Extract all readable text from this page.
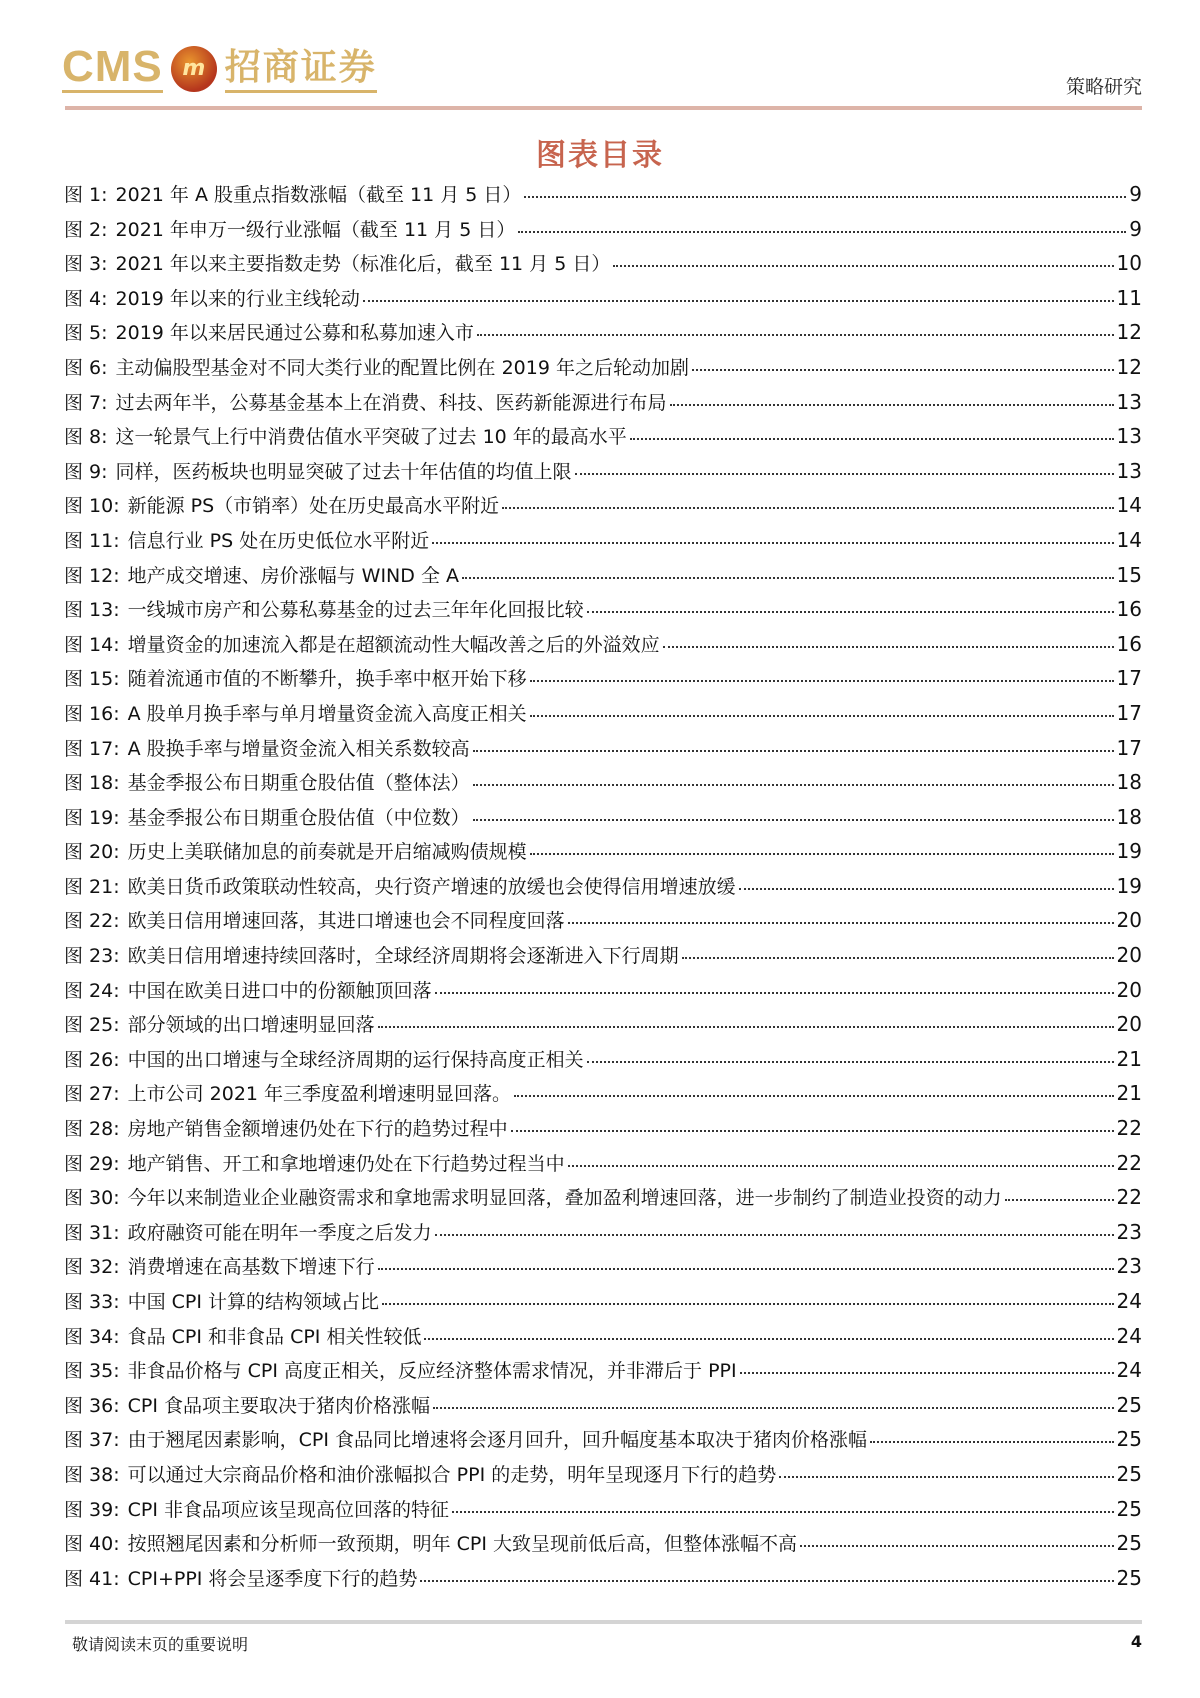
CMS m 招商证券	策略研究
图表目录
图 1: 2021 年 A 股重点指数涨幅（截至 11 月 5 日）	9
图 2: 2021 年申万一级行业涨幅（截至 11 月 5 日）	9
图 3: 2021 年以来主要指数走势（标准化后，截至 11 月 5 日）	10
图 4: 2019 年以来的行业主线轮动	11
图 5: 2019 年以来居民通过公募和私募加速入市	12
图 6: 主动偏股型基金对不同大类行业的配置比例在 2019 年之后轮动加剧	12
图 7: 过去两年半，公募基金基本上在消费、科技、医药新能源进行布局	13
图 8: 这一轮景气上行中消费估值水平突破了过去 10 年的最高水平	13
图 9: 同样，医药板块也明显突破了过去十年估值的均值上限	13
图 10: 新能源 PS（市销率）处在历史最高水平附近	14
图 11: 信息行业 PS 处在历史低位水平附近	14
图 12: 地产成交增速、房价涨幅与 WIND 全 A	15
图 13: 一线城市房产和公募私募基金的过去三年年化回报比较	16
图 14: 增量资金的加速流入都是在超额流动性大幅改善之后的外溢效应	16
图 15: 随着流通市值的不断攀升，换手率中枢开始下移	17
图 16: A 股单月换手率与单月增量资金流入高度正相关	17
图 17: A 股换手率与增量资金流入相关系数较高	17
图 18: 基金季报公布日期重仓股估值（整体法）	18
图 19: 基金季报公布日期重仓股估值（中位数）	18
图 20: 历史上美联储加息的前奏就是开启缩减购债规模	19
图 21: 欧美日货币政策联动性较高，央行资产增速的放缓也会使得信用增速放缓	19
图 22: 欧美日信用增速回落，其进口增速也会不同程度回落	20
图 23: 欧美日信用增速持续回落时，全球经济周期将会逐渐进入下行周期	20
图 24: 中国在欧美日进口中的份额触顶回落	20
图 25: 部分领域的出口增速明显回落	20
图 26: 中国的出口增速与全球经济周期的运行保持高度正相关	21
图 27: 上市公司 2021 年三季度盈利增速明显回落。	21
图 28: 房地产销售金额增速仍处在下行的趋势过程中	22
图 29: 地产销售、开工和拿地增速仍处在下行趋势过程当中	22
图 30: 今年以来制造业企业融资需求和拿地需求明显回落，叠加盈利增速回落，进一步制约了制造业投资的动力	22
图 31: 政府融资可能在明年一季度之后发力	23
图 32: 消费增速在高基数下增速下行	23
图 33: 中国 CPI 计算的结构领域占比	24
图 34: 食品 CPI 和非食品 CPI 相关性较低	24
图 35: 非食品价格与 CPI 高度正相关，反应经济整体需求情况，并非滞后于 PPI	24
图 36: CPI 食品项主要取决于猪肉价格涨幅	25
图 37: 由于翘尾因素影响，CPI 食品同比增速将会逐月回升，回升幅度基本取决于猪肉价格涨幅	25
图 38: 可以通过大宗商品价格和油价涨幅拟合 PPI 的走势，明年呈现逐月下行的趋势	25
图 39: CPI 非食品项应该呈现高位回落的特征	25
图 40: 按照翘尾因素和分析师一致预期，明年 CPI 大致呈现前低后高，但整体涨幅不高	25
图 41: CPI+PPI 将会呈逐季度下行的趋势	25
敬请阅读末页的重要说明	4
